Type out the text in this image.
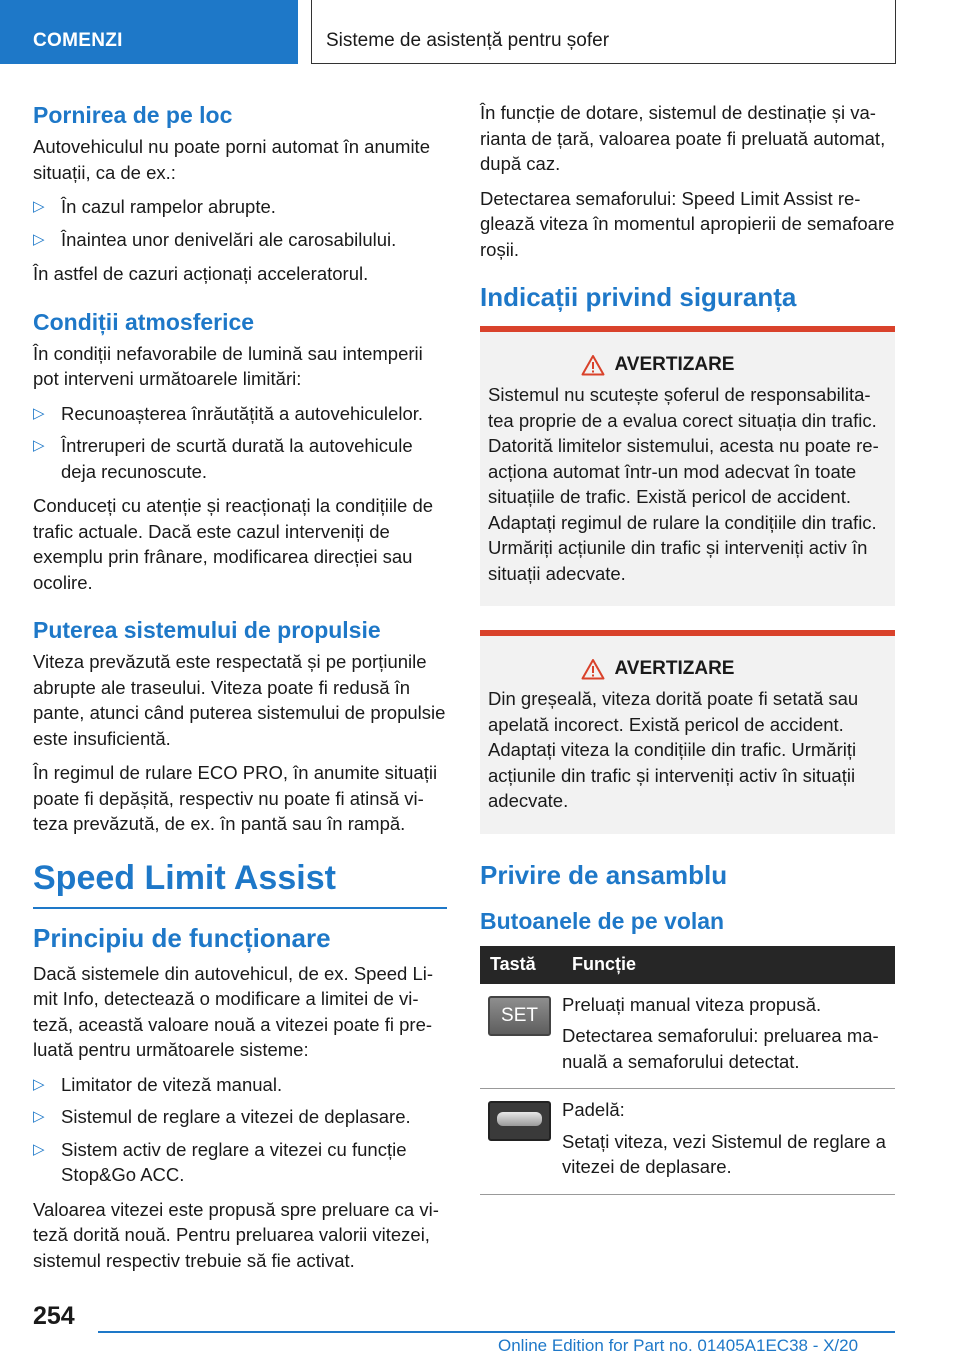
COMENZI	Sisteme de asistență pentru șofer
Pornirea de pe loc

Autovehiculul nu poate porni automat în anumite situații, ca de ex.:

▷ În cazul rampelor abrupte.
▷ Înaintea unor denivelări ale carosabilului.

În astfel de cazuri acționați acceleratorul.

Condiții atmosferice

În condiții nefavorabile de lumină sau intemperii pot interveni următoarele limitări:

▷ Recunoașterea înrăutățită a autovehiculelor.
▷ Întreruperi de scurtă durată la autovehicule deja recunoscute.

Conduceți cu atenție și reacționați la condițiile de trafic actuale. Dacă este cazul interveniți de exemplu prin frânare, modificarea direcției sau ocolire.

Puterea sistemului de propulsie

Viteza prevăzută este respectată și pe porțiunile abrupte ale traseului. Viteza poate fi redusă în pante, atunci când puterea sistemului de propulsie este insuficientă.

În regimul de rulare ECO PRO, în anumite situații poate fi depășită, respectiv nu poate fi atinsă viteza prevăzută, de ex. în pantă sau în rampă.

Speed Limit Assist
Principiu de funcționare

Dacă sistemele din autovehicul, de ex. Speed Limit Info, detectează o modificare a limitei de viteză, această valoare nouă a vitezei poate fi preluată pentru următoarele sisteme:

▷ Limitator de viteză manual.
▷ Sistemul de reglare a vitezei de deplasare.
▷ Sistem activ de reglare a vitezei cu funcție Stop&Go ACC.

Valoarea vitezei este propusă spre preluare ca viteză dorită nouă. Pentru preluarea valorii vitezei, sistemul respectiv trebuie să fie activat.

În funcție de dotare, sistemul de destinație și varianta de țară, valoarea poate fi preluată automat, după caz.

Detectarea semaforului: Speed Limit Assist reglează viteza în momentul apropierii de semafoare roșii.

Indicații privind siguranța
AVERTIZARE

Sistemul nu scutește șoferul de responsabilitatea proprie de a evalua corect situația din trafic. Datorită limitelor sistemului, acesta nu poate reacționa automat într-un mod adecvat în toate situațiile de trafic. Există pericol de accident. Adaptați regimul de rulare la condițiile din trafic. Urmăriți acțiunile din trafic și interveniți activ în situații adecvate.

AVERTIZARE

Din greșeală, viteza dorită poate fi setată sau apelată incorect. Există pericol de accident. Adaptați viteza la condițiile din trafic. Urmăriți acțiunile din trafic și interveniți activ în situații adecvate.

Privire de ansamblu
Butoanele de pe volan
Tastă	Funcție

SET	Preluați manual viteza propusă.

Detectarea semaforului: preluarea manuală a semaforului detectat.

	Padelă:

Setați viteza, vezi Sistemul de reglare a vitezei de deplasare.

254
Online Edition for Part no. 01405A1EC38 - X/20
